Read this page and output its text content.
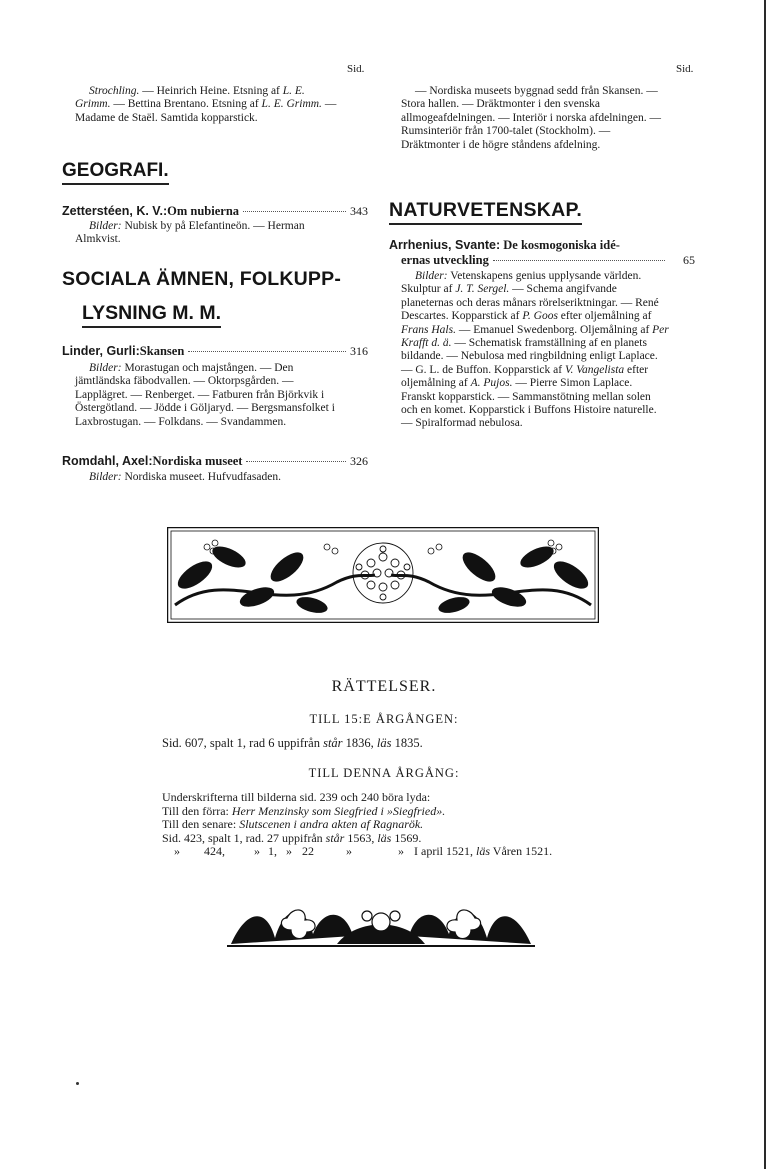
Sid.	Sid.

Strochling. — Heinrich Heine. Etsning af L. E. Grimm. — Bettina Brentano. Etsning af L. E. Grimm. — Madame de Staël. Samtida kopparstick.

GEOGRAFI.
Zetterstéen, K. V.: Om nubierna	343

Bilder: Nubisk by på Elefantineön. — Herman Almkvist.

SOCIALA ÄMNEN, FOLKUPP-
LYSNING M. M.
Linder, Gurli: Skansen	316

Bilder: Morastugan och majstången. — Den jämtländska fäbodvallen. — Oktorpsgården. — Lapplägret. — Renberget. — Fatburen från Björkvik i Östergötland. — Jödde i Göljaryd. — Bergsmansfolket i Laxbrostugan. — Folkdans. — Svandammen.

Romdahl, Axel: Nordiska museet	326

Bilder: Nordiska museet. Hufvudfasaden.

— Nordiska museets byggnad sedd från Skansen. — Stora hallen. — Dräktmonter i den svenska allmogeafdelningen. — Interiör i norska afdelningen. — Rumsinteriör från 1700-talet (Stockholm). — Dräktmonter i de högre ståndens afdelning.

NATURVETENSKAP.
Arrhenius, Svante: De kosmogoniska idé-
ernas utveckling	65

Bilder: Vetenskapens genius upplysande världen. Skulptur af J. T. Sergel. — Schema angifvande planeternas och deras månars rörelseriktningar. — René Descartes. Kopparstick af P. Goos efter oljemålning af Frans Hals. — Emanuel Swedenborg. Oljemålning af Per Krafft d. ä. — Schematisk framställning af en planets bildande. — Nebulosa med ringbildning enligt Laplace. — G. L. de Buffon. Kopparstick af V. Vangelista efter oljemålning af A. Pujos. — Pierre Simon Laplace. Franskt kopparstick. — Sammanstötning mellan solen och en komet. Kopparstick i Buffons Histoire naturelle. — Spiralformad nebulosa.

RÄTTELSER.
TILL 15:E ÅRGÅNGEN:

Sid. 607, spalt 1, rad 6 uppifrån står 1836, läs 1835.

TILL DENNA ÅRGÅNG:

Underskrifterna till bilderna sid. 239 och 240 böra lyda:

Till den förra: Herr Menzinsky som Siegfried i »Siegfried».

Till den senare: Slutscenen i andra akten af Ragnarök.

Sid. 423, spalt 1, rad. 27 uppifrån står 1563, läs 1569.

» 424, » 1, » 22	»	» I april 1521, läs Våren 1521.
